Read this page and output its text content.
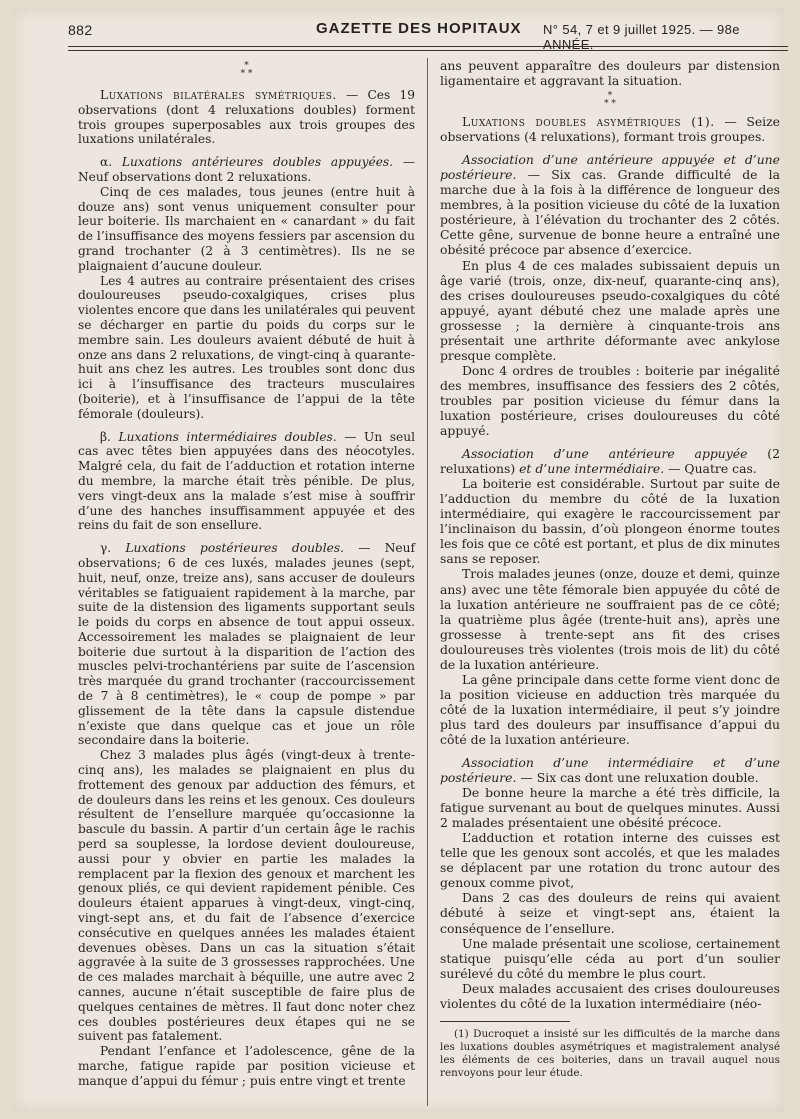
882	GAZETTE DES HOPITAUX N° 54, 7 et 9 juillet 1925. — 98e ANNÉE.
*
* *

Luxations bilatérales symétriques. — Ces 19 observations (dont 4 reluxations doubles) forment trois groupes superposables aux trois groupes des luxations unilatérales.

α. Luxations antérieures doubles appuyées. — Neuf observations dont 2 reluxations.

Cinq de ces malades, tous jeunes (entre huit à douze ans) sont venus uniquement consulter pour leur boiterie. Ils marchaient en « canardant » du fait de l’insuffisance des moyens fessiers par ascension du grand trochanter (2 à 3 centimètres). Ils ne se plaignaient d’aucune douleur.

Les 4 autres au contraire présentaient des crises douloureuses pseudo-coxalgiques, crises plus violentes encore que dans les unilatérales qui peuvent se décharger en partie du poids du corps sur le membre sain. Les douleurs avaient débuté de huit à onze ans dans 2 reluxations, de vingt-cinq à quarante-huit ans chez les autres. Les troubles sont donc dus ici à l’insuffisance des tracteurs musculaires (boiterie), et à l’insuffisance de l’appui de la tête fémorale (douleurs).

β. Luxations intermédiaires doubles. — Un seul cas avec têtes bien appuyées dans des néocotyles. Malgré cela, du fait de l’adduction et rotation interne du membre, la marche était très pénible. De plus, vers vingt-deux ans la malade s’est mise à souffrir d’une des hanches insuffisamment appuyée et des reins du fait de son ensellure.

γ. Luxations postérieures doubles. — Neuf observations; 6 de ces luxés, malades jeunes (sept, huit, neuf, onze, treize ans), sans accuser de douleurs véritables se fatiguaient rapidement à la marche, par suite de la distension des ligaments supportant seuls le poids du corps en absence de tout appui osseux. Accessoirement les malades se plaignaient de leur boiterie due surtout à la disparition de l’action des muscles pelvi-trochantériens par suite de l’ascension très marquée du grand trochanter (raccourcissement de 7 à 8 centimètres), le « coup de pompe » par glissement de la tête dans la capsule distendue n’existe que dans quelque cas et joue un rôle secondaire dans la boiterie.

Chez 3 malades plus âgés (vingt-deux à trente-cinq ans), les malades se plaignaient en plus du frottement des genoux par adduction des fémurs, et de douleurs dans les reins et les genoux. Ces douleurs résultent de l’ensellure marquée qu’occasionne la bascule du bassin. A partir d’un certain âge le rachis perd sa souplesse, la lordose devient douloureuse, aussi pour y obvier en partie les malades la remplacent par la flexion des genoux et marchent les genoux pliés, ce qui devient rapidement pénible. Ces douleurs étaient apparues à vingt-deux, vingt-cinq, vingt-sept ans, et du fait de l’absence d’exercice consécutive en quelques années les malades étaient devenues obèses. Dans un cas la situation s’était aggravée à la suite de 3 grossesses rapprochées. Une de ces malades marchait à béquille, une autre avec 2 cannes, aucune n’était susceptible de faire plus de quelques centaines de mètres. Il faut donc noter chez ces doubles postérieures deux étapes qui ne se suivent pas fatalement.

Pendant l’enfance et l’adolescence, gêne de la marche, fatigue rapide par position vicieuse et manque d’appui du fémur ; puis entre vingt et trente

ans peuvent apparaître des douleurs par distension ligamentaire et aggravant la situation.

*
* *

Luxations doubles asymétriques (1). — Seize observations (4 reluxations), formant trois groupes.

Association d’une antérieure appuyée et d’une postérieure. — Six cas. Grande difficulté de la marche due à la fois à la différence de longueur des membres, à la position vicieuse du côté de la luxation postérieure, à l’élévation du trochanter des 2 côtés. Cette gêne, survenue de bonne heure a entraîné une obésité précoce par absence d’exercice.

En plus 4 de ces malades subissaient depuis un âge varié (trois, onze, dix-neuf, quarante-cinq ans), des crises douloureuses pseudo-coxalgiques du côté appuyé, ayant débuté chez une malade après une grossesse ; la dernière à cinquante-trois ans présentait une arthrite déformante avec ankylose presque complète.

Donc 4 ordres de troubles : boiterie par inégalité des membres, insuffisance des fessiers des 2 côtés, troubles par position vicieuse du fémur dans la luxation postérieure, crises douloureuses du côté appuyé.

Association d’une antérieure appuyée (2 reluxations) et d’une intermédiaire. — Quatre cas.

La boiterie est considérable. Surtout par suite de l’adduction du membre du côté de la luxation intermédiaire, qui exagère le raccourcissement par l’inclinaison du bassin, d’où plongeon énorme toutes les fois que ce côté est portant, et plus de dix minutes sans se reposer.

Trois malades jeunes (onze, douze et demi, quinze ans) avec une tête fémorale bien appuyée du côté de la luxation antérieure ne souffraient pas de ce côté; la quatrième plus âgée (trente-huit ans), après une grossesse à trente-sept ans fit des crises douloureuses très violentes (trois mois de lit) du côté de la luxation antérieure.

La gêne principale dans cette forme vient donc de la position vicieuse en adduction très marquée du côté de la luxation intermédiaire, il peut s’y joindre plus tard des douleurs par insuffisance d’appui du côté de la luxation antérieure.

Association d’une intermédiaire et d’une postérieure. — Six cas dont une reluxation double.

De bonne heure la marche a été très difficile, la fatigue survenant au bout de quelques minutes. Aussi 2 malades présentaient une obésité précoce.

L’adduction et rotation interne des cuisses est telle que les genoux sont accolés, et que les malades se déplacent par une rotation du tronc autour des genoux comme pivot,

Dans 2 cas des douleurs de reins qui avaient débuté à seize et vingt-sept ans, étaient la conséquence de l’ensellure.

Une malade présentait une scoliose, certainement statique puisqu’elle céda au port d’un soulier surélevé du côté du membre le plus court.

Deux malades accusaient des crises douloureuses violentes du côté de la luxation intermédiaire (néo-

(1) Ducroquet a insisté sur les difficultés de la marche dans les luxations doubles asymétriques et magistralement analysé les éléments de ces boiteries, dans un travail auquel nous renvoyons pour leur étude.
